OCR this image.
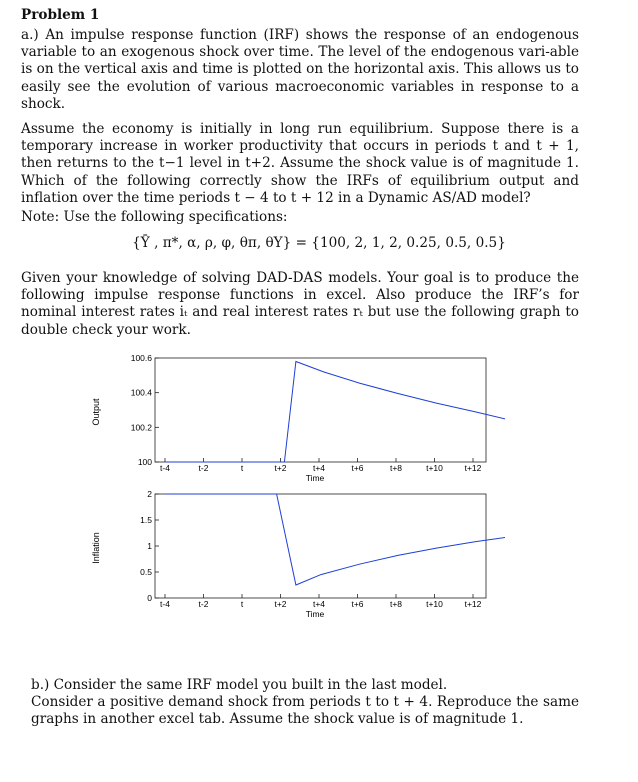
Problem 1

a.) An impulse response function (IRF) shows the response of an endogenous variable to an exogenous shock over time. The level of the endogenous vari-able is on the vertical axis and time is plotted on the horizontal axis. This allows us to easily see the evolution of various macroeconomic variables in response to a shock.

Assume the economy is initially in long run equilibrium. Suppose there is a temporary increase in worker productivity that occurs in periods t and t + 1, then returns to the t−1 level in t+2. Assume the shock value is of magnitude 1. Which of the following correctly show the IRFs of equilibrium output and inflation over the time periods t − 4 to t + 12 in a Dynamic AS/AD model?

Note: Use the following specifications:

{Ȳ , π*, α, ρ, φ, θπ, θY} = {100, 2, 1, 2, 0.25, 0.5, 0.5}

Given your knowledge of solving DAD-DAS models. Your goal is to produce the following impulse response functions in excel. Also produce the IRF’s for nominal interest rates iₜ and real interest rates rₜ but use the following graph to double check your work.

Output
Time
100
100.2
100.4
100.6
t-4	t-2	t	t+2	t+4	t+6	t+8	t+10	t+12
Inflation
Time
0
0.5
1
1.5
2
t-4	t-2	t	t+2	t+4	t+6	t+8	t+10	t+12

b.) Consider the same IRF model you built in the last model.

Consider a positive demand shock from periods t to t + 4. Reproduce the same graphs in another excel tab. Assume the shock value is of magnitude 1.
